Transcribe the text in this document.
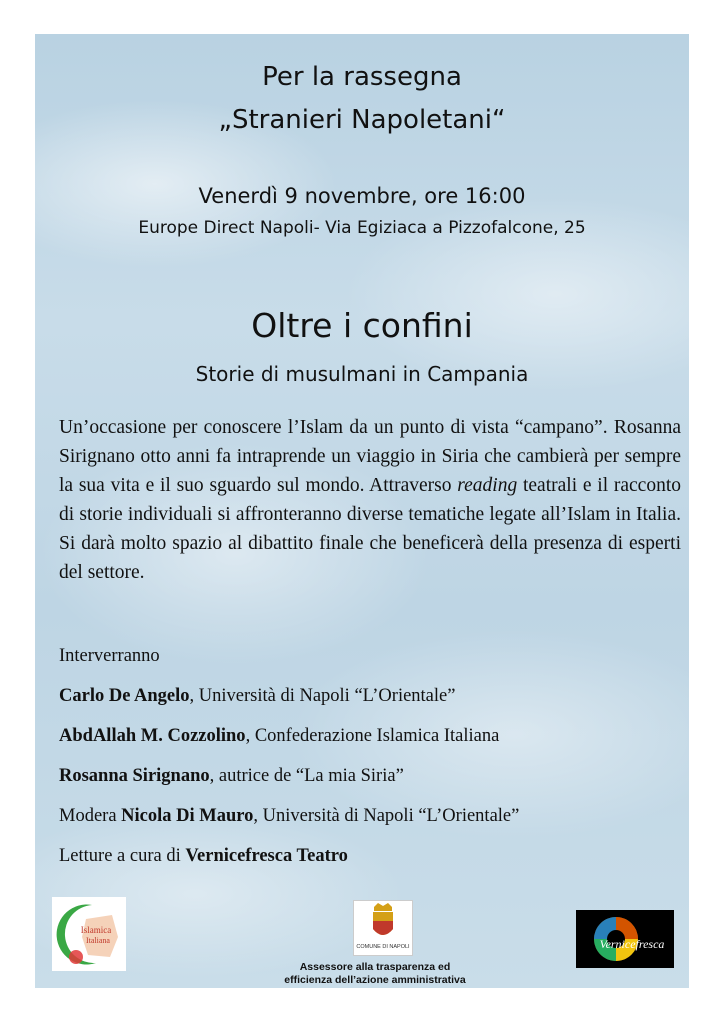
Per la rassegna
„Stranieri Napoletani“
Venerdì 9 novembre, ore 16:00
Europe Direct Napoli- Via Egiziaca a Pizzofalcone, 25
Oltre i confini
Storie di musulmani in Campania
Un’occasione per conoscere l’Islam da un punto di vista “campano”. Rosanna Sirignano otto anni fa intraprende un viaggio in Siria che cambierà per sempre la sua vita e il suo sguardo sul mondo. Attraverso reading teatrali e il racconto di storie individuali si affronteranno diverse tematiche legate all’Islam in Italia. Si darà molto spazio al dibattito finale che beneficerà della presenza di esperti del settore.
Interverranno
Carlo De Angelo, Università di Napoli “L’Orientale”
AbdAllah M. Cozzolino, Confederazione Islamica Italiana
Rosanna Sirignano, autrice de “La mia Siria”
Modera Nicola Di Mauro, Università di Napoli “L’Orientale”
Letture a cura di Vernicefresca Teatro
Islamica
Italiana
COMUNE DI NAPOLI
Assessore alla trasparenza ed
efficienza dell’azione amministrativa
Vernicefresca
